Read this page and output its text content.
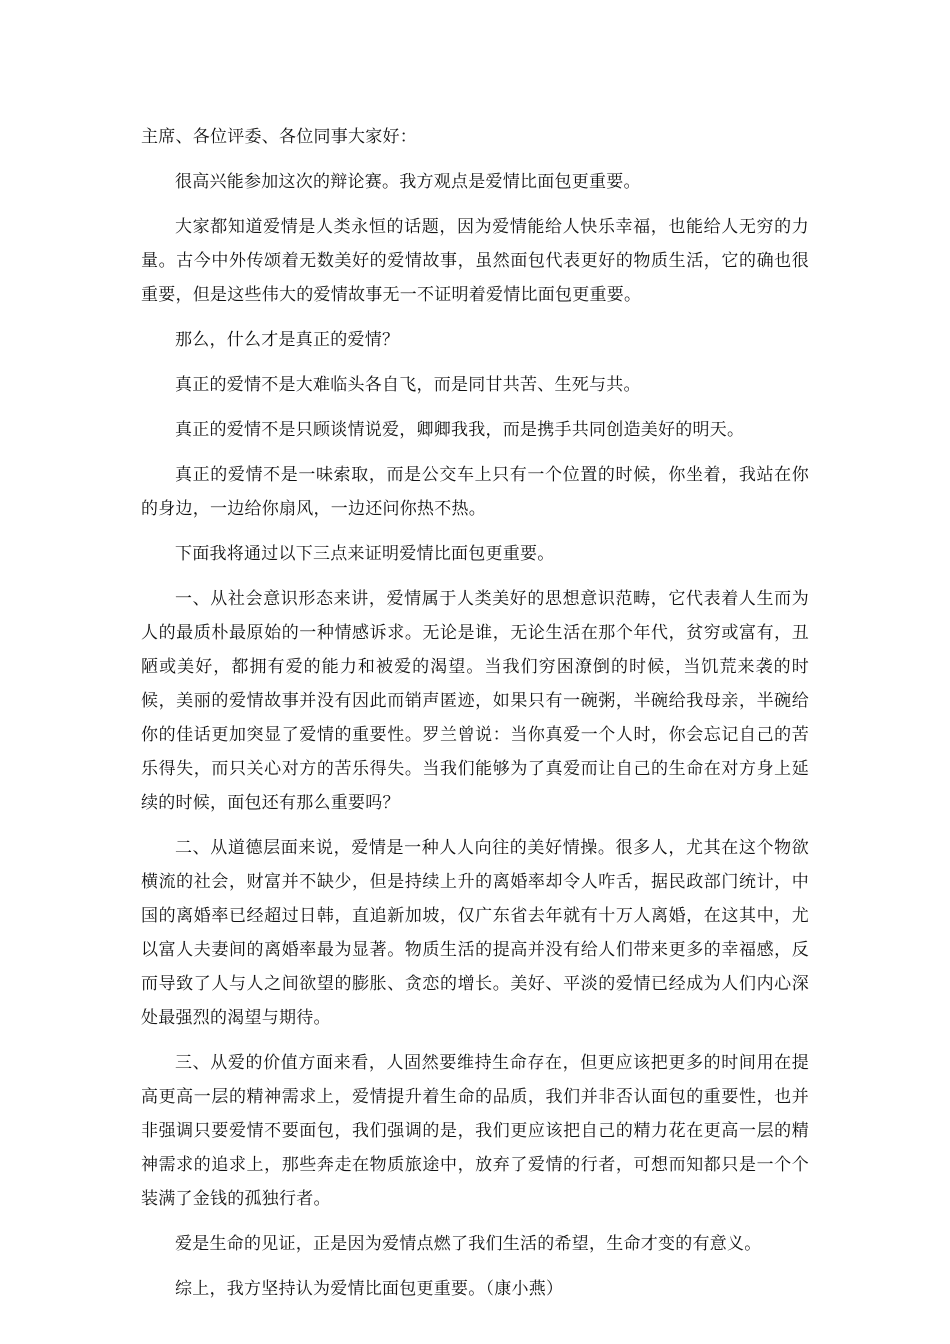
主席、各位评委、各位同事大家好：

很高兴能参加这次的辩论赛。我方观点是爱情比面包更重要。

大家都知道爱情是人类永恒的话题，因为爱情能给人快乐幸福，也能给人无穷的力量。古今中外传颂着无数美好的爱情故事，虽然面包代表更好的物质生活，它的确也很重要，但是这些伟大的爱情故事无一不证明着爱情比面包更重要。

那么，什么才是真正的爱情？

真正的爱情不是大难临头各自飞，而是同甘共苦、生死与共。

真正的爱情不是只顾谈情说爱，卿卿我我，而是携手共同创造美好的明天。

真正的爱情不是一味索取，而是公交车上只有一个位置的时候，你坐着，我站在你的身边，一边给你扇风，一边还问你热不热。

下面我将通过以下三点来证明爱情比面包更重要。

一、从社会意识形态来讲，爱情属于人类美好的思想意识范畴，它代表着人生而为人的最质朴最原始的一种情感诉求。无论是谁，无论生活在那个年代，贫穷或富有，丑陋或美好，都拥有爱的能力和被爱的渴望。当我们穷困潦倒的时候，当饥荒来袭的时候，美丽的爱情故事并没有因此而销声匿迹，如果只有一碗粥，半碗给我母亲，半碗给你的佳话更加突显了爱情的重要性。罗兰曾说：当你真爱一个人时，你会忘记自己的苦乐得失，而只关心对方的苦乐得失。当我们能够为了真爱而让自己的生命在对方身上延续的时候，面包还有那么重要吗？

二、从道德层面来说，爱情是一种人人向往的美好情操。很多人，尤其在这个物欲横流的社会，财富并不缺少，但是持续上升的离婚率却令人咋舌，据民政部门统计，中国的离婚率已经超过日韩，直追新加坡，仅广东省去年就有十万人离婚，在这其中，尤以富人夫妻间的离婚率最为显著。物质生活的提高并没有给人们带来更多的幸福感，反而导致了人与人之间欲望的膨胀、贪恋的增长。美好、平淡的爱情已经成为人们内心深处最强烈的渴望与期待。

三、从爱的价值方面来看，人固然要维持生命存在，但更应该把更多的时间用在提高更高一层的精神需求上，爱情提升着生命的品质，我们并非否认面包的重要性，也并非强调只要爱情不要面包，我们强调的是，我们更应该把自己的精力花在更高一层的精神需求的追求上，那些奔走在物质旅途中，放弃了爱情的行者，可想而知都只是一个个装满了金钱的孤独行者。

爱是生命的见证，正是因为爱情点燃了我们生活的希望，生命才变的有意义。

综上，我方坚持认为爱情比面包更重要。（康小燕）
